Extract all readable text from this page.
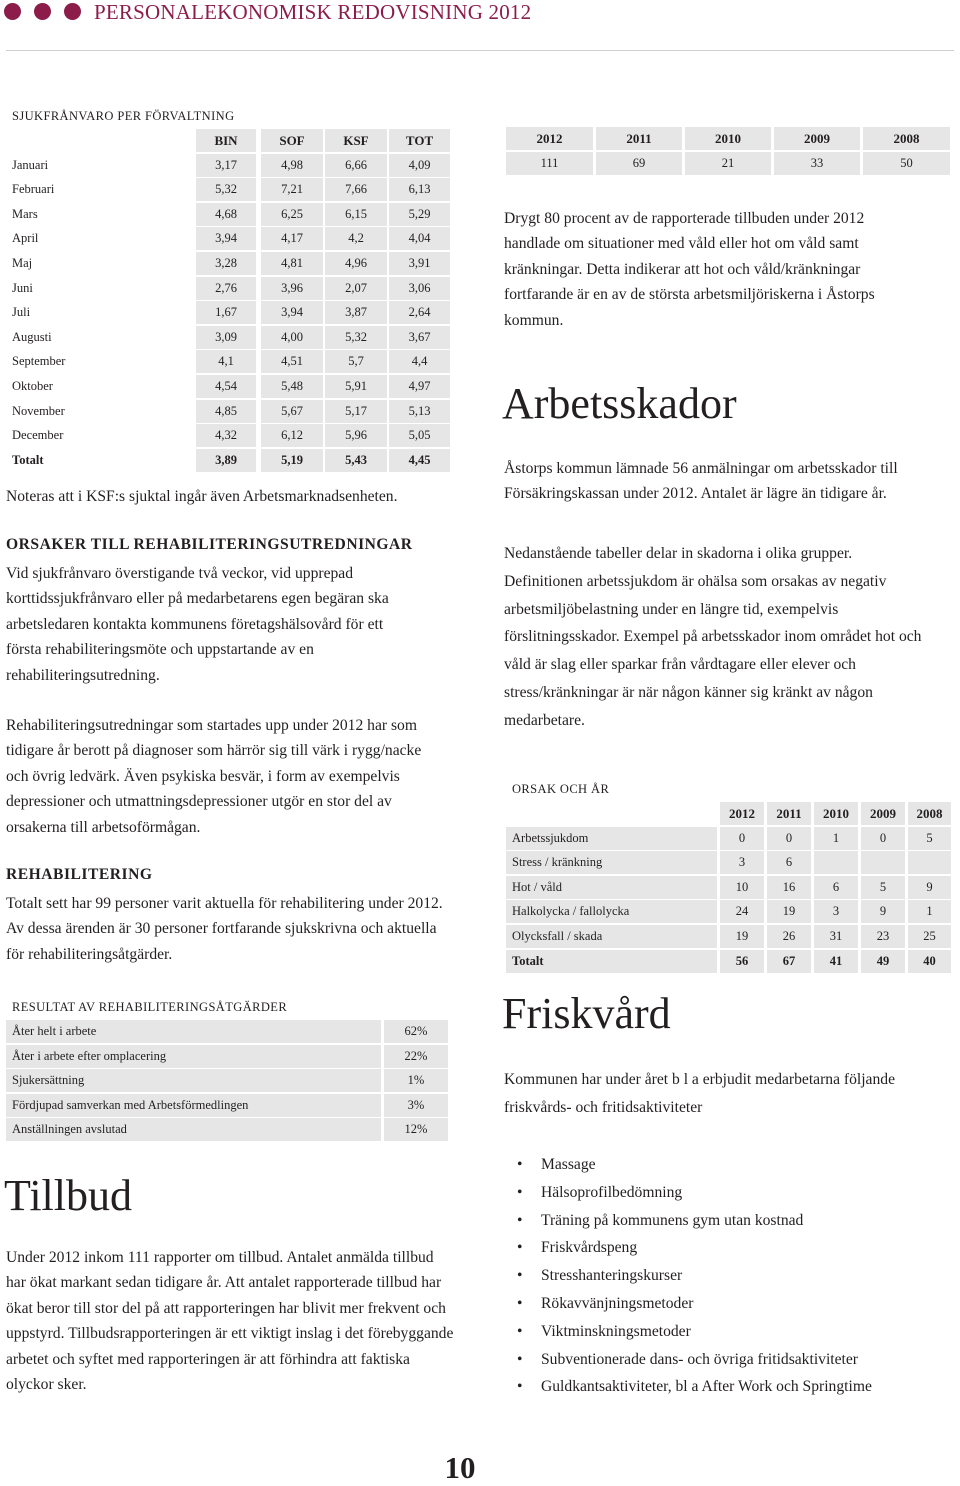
PERSONALEKONOMISK REDOVISNING 2012
SJUKFRÅNVARO PER FÖRVALTNING
BIN	SOF	KSF	TOT
Januari	3,17	4,98	6,66	4,09
Februari	5,32	7,21	7,66	6,13
Mars	4,68	6,25	6,15	5,29
April	3,94	4,17	4,2	4,04
Maj	3,28	4,81	4,96	3,91
Juni	2,76	3,96	2,07	3,06
Juli	1,67	3,94	3,87	2,64
Augusti	3,09	4,00	5,32	3,67
September	4,1	4,51	5,7	4,4
Oktober	4,54	5,48	5,91	4,97
November	4,85	5,67	5,17	5,13
December	4,32	6,12	5,96	5,05
Totalt	3,89	5,19	5,43	4,45
Noteras att i KSF:s sjuktal ingår även Arbetsmarknadsenheten.
ORSAKER TILL REHABILITERINGSUTREDNINGAR
Vid sjukfrånvaro överstigande två veckor, vid upprepad korttidssjukfrånvaro eller på medarbetarens egen begäran ska arbetsledaren kontakta kommunens företagshälsovård för ett första rehabiliteringsmöte och uppstartande av en rehabiliteringsutredning.
Rehabiliteringsutredningar som startades upp under 2012 har som tidigare år berott på diagnoser som härrör sig till värk i rygg/nacke och övrig ledvärk. Även psykiska besvär, i form av exempelvis depressioner och utmattningsdepressioner utgör en stor del av orsakerna till arbetsoförmågan.
REHABILITERING
Totalt sett har 99 personer varit aktuella för rehabilitering under 2012. Av dessa ärenden är 30 personer fortfarande sjukskrivna och aktuella för rehabiliteringsåtgärder.
RESULTAT AV REHABILITERINGSÅTGÄRDER
Åter helt i arbete	62%
Åter i arbete efter omplacering	22%
Sjukersättning	1%
Fördjupad samverkan med Arbetsförmedlingen	3%
Anställningen avslutad	12%
Tillbud
Under 2012 inkom 111 rapporter om tillbud. Antalet anmälda tillbud har ökat markant sedan tidigare år. Att antalet rapporterade tillbud har ökat beror till stor del på att rapporteringen har blivit mer frekvent och uppstyrd. Tillbudsrapporteringen är ett viktigt inslag i det förebyggande arbetet och syftet med rapporteringen är att förhindra att faktiska olyckor sker.
2012	2011	2010	2009	2008
111	69	21	33	50
Drygt 80 procent av de rapporterade tillbuden under 2012 handlade om situationer med våld eller hot om våld samt kränkningar. Detta indikerar att hot och våld/kränkningar fortfarande är en av de största arbetsmiljöriskerna i Åstorps kommun.
Arbetsskador
Åstorps kommun lämnade 56 anmälningar om arbetsskador till Försäkringskassan under 2012. Antalet är lägre än tidigare år.
Nedanstående tabeller delar in skadorna i olika grupper. Definitionen arbetssjukdom är ohälsa som orsakas av negativ arbetsmiljöbelastning under en längre tid, exempelvis förslitningsskador. Exempel på arbetsskador inom området hot och våld är slag eller sparkar från vårdtagare eller elever och stress/kränkningar är när någon känner sig kränkt av någon medarbetare.
ORSAK OCH ÅR
2012	2011	2010	2009	2008
Arbetssjukdom	0	0	1	0	5
Stress / kränkning	3	6
Hot / våld	10	16	6	5	9
Halkolycka / fallolycka	24	19	3	9	1
Olycksfall / skada	19	26	31	23	25
Totalt	56	67	41	49	40
Friskvård
Kommunen har under året b l a erbjudit medarbetarna följande friskvårds- och fritidsaktiviteter
• Massage
• Hälsoprofilbedömning
• Träning på kommunens gym utan kostnad
• Friskvårdspeng
• Stresshanteringskurser
• Rökavvänjningsmetoder
• Viktminskningsmetoder
• Subventionerade dans- och övriga fritidsaktiviteter
• Guldkantsaktiviteter, bl a After Work och Springtime
10
